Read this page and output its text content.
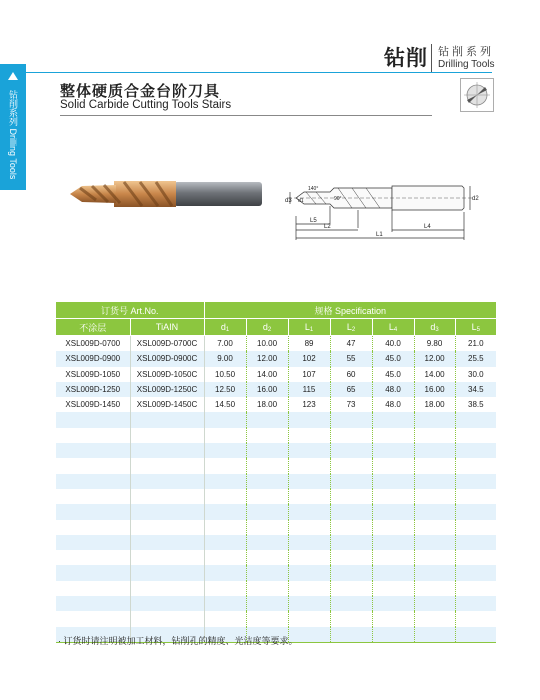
钻削系列 Drilling Tools
钻削 钻削系列
Drilling Tools
整体硬质合金台阶刀具
Solid Carbide Cutting Tools Stairs
d3 d1
140°
90°
L5
L2	L4
L1
d2
订货号 Art.No.		规格 Specification						
不涂层	TiAIN	d1	d2	L1	L2	L4	d3	L5
XSL009D-0700	XSL009D-0700C	7.00	10.00	89	47	40.0	9.80	21.0
XSL009D-0900	XSL009D-0900C	9.00	12.00	102	55	45.0	12.00	25.5
XSL009D-1050	XSL009D-1050C	10.50	14.00	107	60	45.0	14.00	30.0
XSL009D-1250	XSL009D-1250C	12.50	16.00	115	65	48.0	16.00	34.5
XSL009D-1450	XSL009D-1450C	14.50	18.00	123	73	48.0	18.00	38.5

· 订货时请注明被加工材料，钻削孔的精度、光洁度等要求。
